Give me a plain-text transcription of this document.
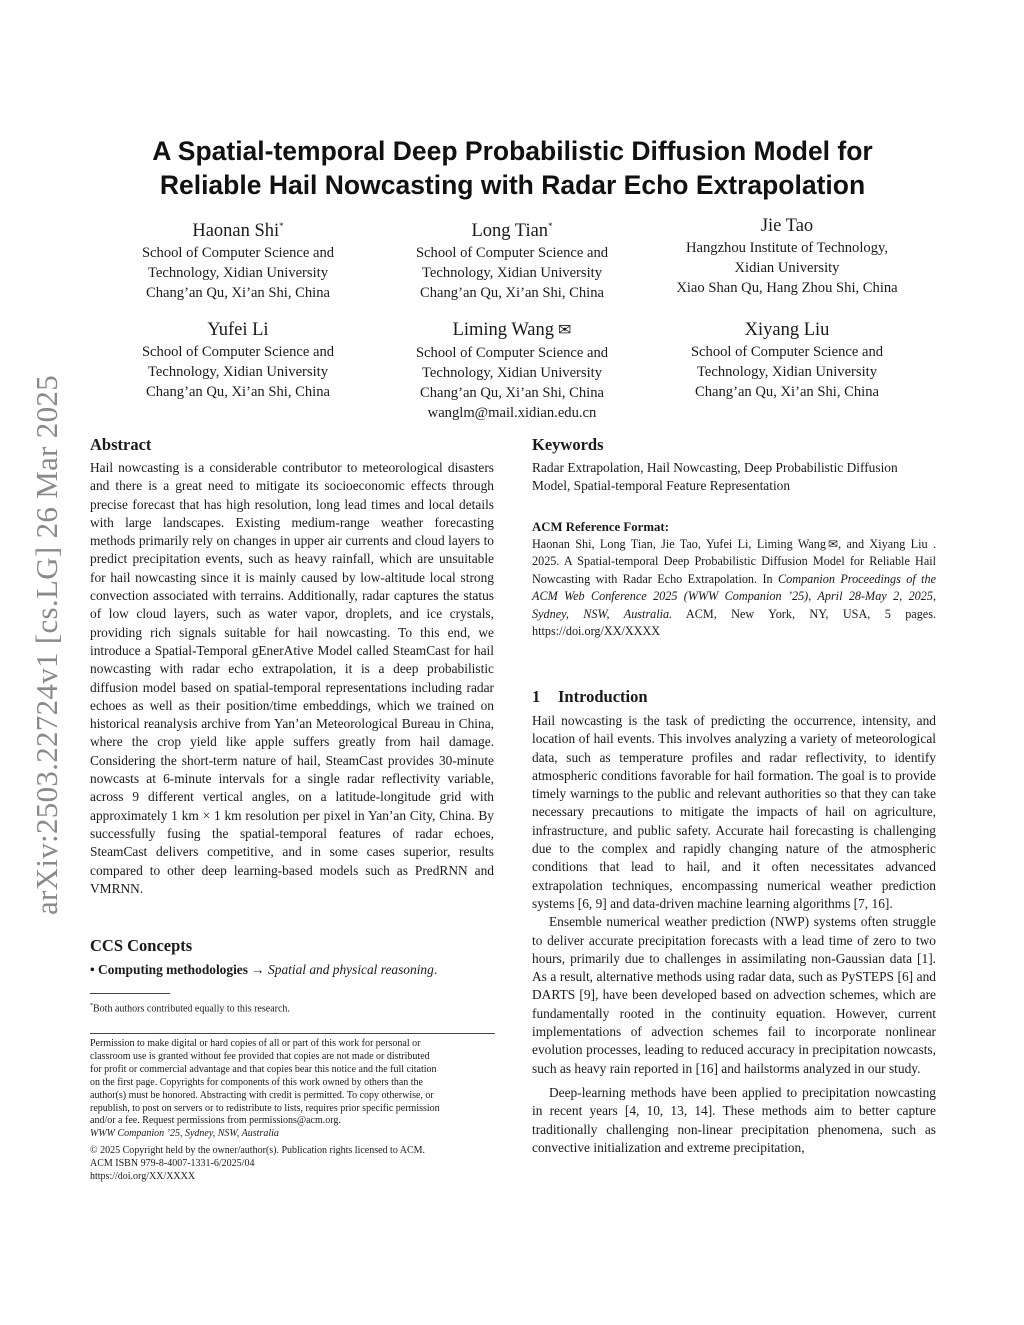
arXiv:2503.22724v1 [cs.LG] 26 Mar 2025
A Spatial-temporal Deep Probabilistic Diffusion Model for
Reliable Hail Nowcasting with Radar Echo Extrapolation
Haonan Shi*
School of Computer Science and
Technology, Xidian University
Chang’an Qu, Xi’an Shi, China
Long Tian*
School of Computer Science and
Technology, Xidian University
Chang’an Qu, Xi’an Shi, China
Jie Tao
Hangzhou Institute of Technology,
Xidian University
Xiao Shan Qu, Hang Zhou Shi, China
Yufei Li
School of Computer Science and
Technology, Xidian University
Chang’an Qu, Xi’an Shi, China
Liming Wang ✉
School of Computer Science and
Technology, Xidian University
Chang’an Qu, Xi’an Shi, China
wanglm@mail.xidian.edu.cn
Xiyang Liu
School of Computer Science and
Technology, Xidian University
Chang’an Qu, Xi’an Shi, China
Abstract

Hail nowcasting is a considerable contributor to meteorological disasters and there is a great need to mitigate its socioeconomic effects through precise forecast that has high resolution, long lead times and local details with large landscapes. Existing medium-range weather forecasting methods primarily rely on changes in upper air currents and cloud layers to predict precipitation events, such as heavy rainfall, which are unsuitable for hail nowcasting since it is mainly caused by low-altitude local strong convection associated with terrains. Additionally, radar captures the status of low cloud layers, such as water vapor, droplets, and ice crystals, providing rich signals suitable for hail nowcasting. To this end, we introduce a Spatial-Temporal gEnerAtive Model called SteamCast for hail nowcasting with radar echo extrapolation, it is a deep probabilistic diffusion model based on spatial-temporal representations including radar echoes as well as their position/time embeddings, which we trained on historical reanalysis archive from Yan’an Meteorological Bureau in China, where the crop yield like apple suffers greatly from hail damage. Considering the short-term nature of hail, SteamCast provides 30-minute nowcasts at 6-minute intervals for a single radar reflectivity variable, across 9 different vertical angles, on a latitude-longitude grid with approximately 1 km × 1 km resolution per pixel in Yan’an City, China. By successfully fusing the spatial-temporal features of radar echoes, SteamCast delivers competitive, and in some cases superior, results compared to other deep learning-based models such as PredRNN and VMRNN.

CCS Concepts
• Computing methodologies → Spatial and physical reasoning.
*Both authors contributed equally to this research.
Permission to make digital or hard copies of all or part of this work for personal or
classroom use is granted without fee provided that copies are not made or distributed
for profit or commercial advantage and that copies bear this notice and the full citation
on the first page. Copyrights for components of this work owned by others than the
author(s) must be honored. Abstracting with credit is permitted. To copy otherwise, or
republish, to post on servers or to redistribute to lists, requires prior specific permission
and/or a fee. Request permissions from permissions@acm.org.
WWW Companion ’25, Sydney, NSW, Australia
© 2025 Copyright held by the owner/author(s). Publication rights licensed to ACM.
ACM ISBN 979-8-4007-1331-6/2025/04
https://doi.org/XX/XXXX
Keywords

Radar Extrapolation, Hail Nowcasting, Deep Probabilistic Diffusion Model, Spatial-temporal Feature Representation

ACM Reference Format:
Haonan Shi, Long Tian, Jie Tao, Yufei Li, Liming Wang ✉, and Xiyang Liu . 2025. A Spatial-temporal Deep Probabilistic Diffusion Model for Reliable Hail Nowcasting with Radar Echo Extrapolation. In Companion Proceedings of the ACM Web Conference 2025 (WWW Companion ’25), April 28-May 2, 2025, Sydney, NSW, Australia. ACM, New York, NY, USA, 5 pages. https://doi.org/XX/XXXX
1 Introduction

Hail nowcasting is the task of predicting the occurrence, intensity, and location of hail events. This involves analyzing a variety of meteorological data, such as temperature profiles and radar reflectivity, to identify atmospheric conditions favorable for hail formation. The goal is to provide timely warnings to the public and relevant authorities so that they can take necessary precautions to mitigate the impacts of hail on agriculture, infrastructure, and public safety. Accurate hail forecasting is challenging due to the complex and rapidly changing nature of the atmospheric conditions that lead to hail, and it often necessitates advanced extrapolation techniques, encompassing numerical weather prediction systems [6, 9] and data-driven machine learning algorithms [7, 16].

Ensemble numerical weather prediction (NWP) systems often struggle to deliver accurate precipitation forecasts with a lead time of zero to two hours, primarily due to challenges in assimilating non-Gaussian data [1]. As a result, alternative methods using radar data, such as PySTEPS [6] and DARTS [9], have been developed based on advection schemes, which are fundamentally rooted in the continuity equation. However, current implementations of advection schemes fail to incorporate nonlinear evolution processes, leading to reduced accuracy in precipitation nowcasts, such as heavy rain reported in [16] and hailstorms analyzed in our study.

Deep-learning methods have been applied to precipitation nowcasting in recent years [4, 10, 13, 14]. These methods aim to better capture traditionally challenging non-linear precipitation phenomena, such as convective initialization and extreme precipitation,
